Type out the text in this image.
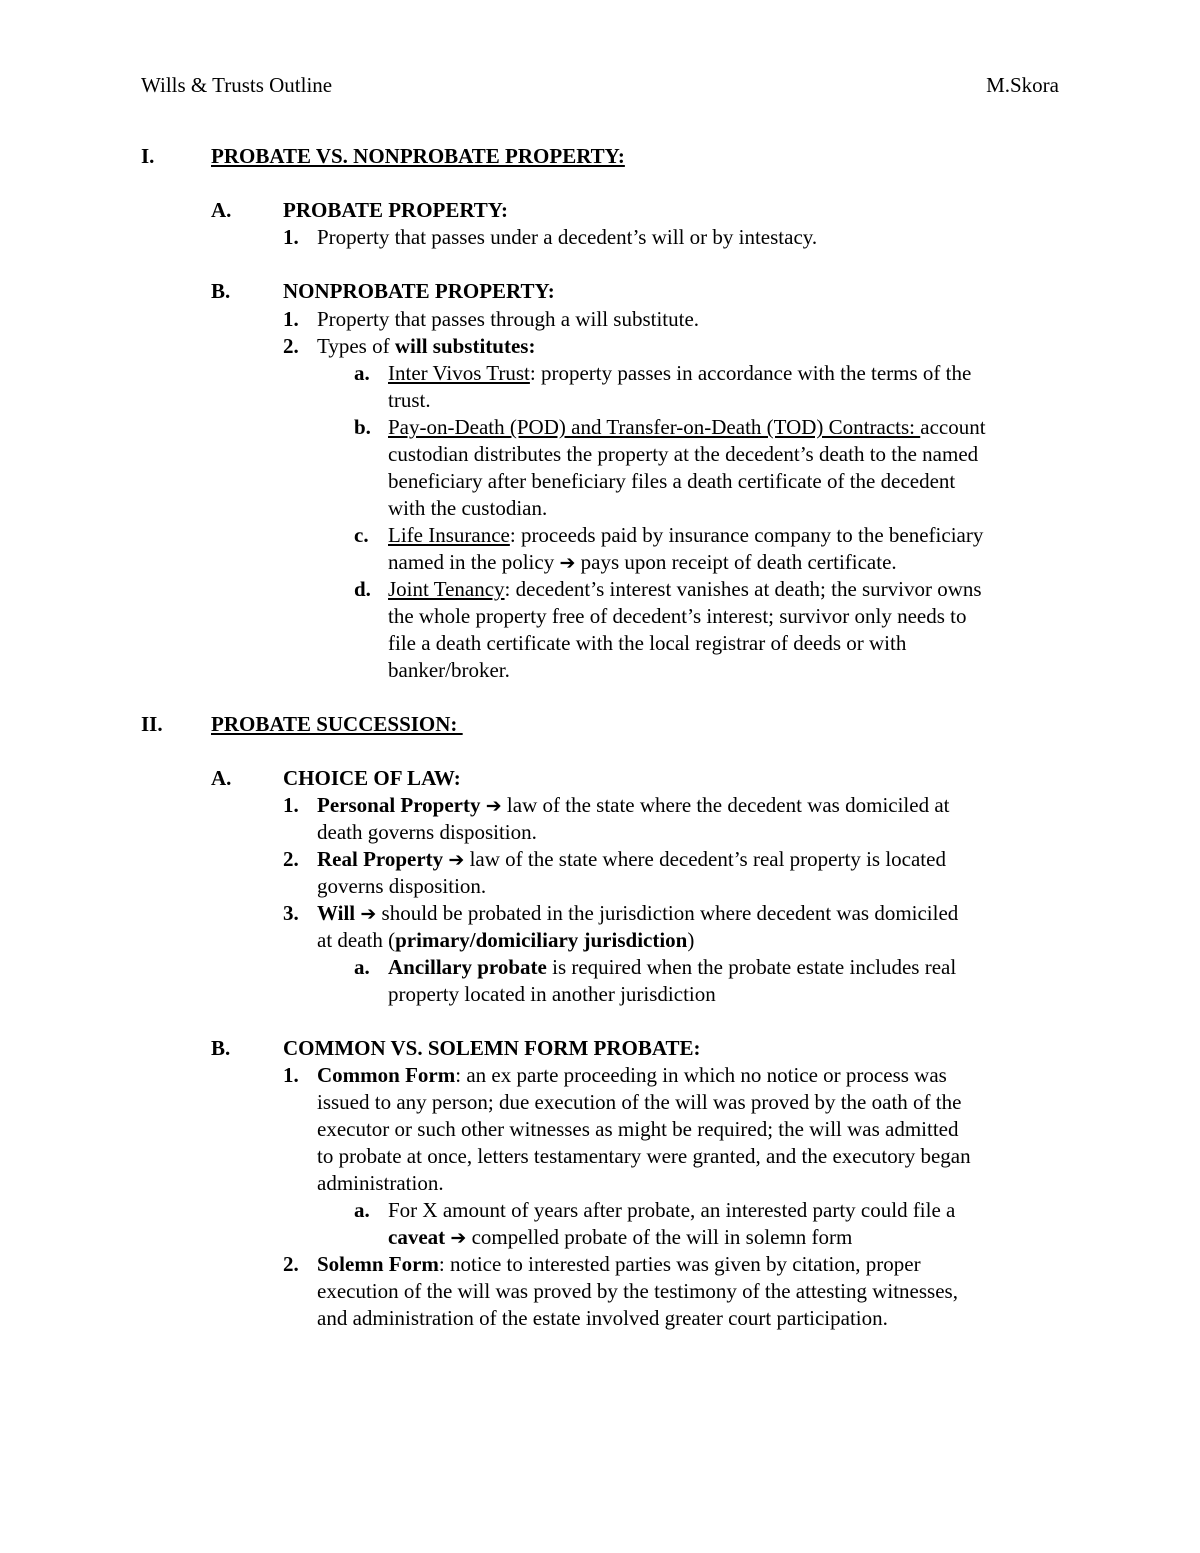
Wills & Trusts Outline	M.Skora
I.	PROBATE VS. NONPROBATE PROPERTY:
A. PROBATE PROPERTY:
1. Property that passes under a decedent’s will or by intestacy.
B.	NONPROBATE PROPERTY:
1. Property that passes through a will substitute.
2. Types of will substitutes:
a. Inter Vivos Trust: property passes in accordance with the terms of the
trust.
b. Pay-on-Death (POD) and Transfer-on-Death (TOD) Contracts: account
custodian distributes the property at the decedent’s death to the named
beneficiary after beneficiary files a death certificate of the decedent
with the custodian.
c. Life Insurance: proceeds paid by insurance company to the beneficiary
named in the policy ➔ pays upon receipt of death certificate.
d. Joint Tenancy: decedent’s interest vanishes at death; the survivor owns
the whole property free of decedent’s interest; survivor only needs to
file a death certificate with the local registrar of deeds or with
banker/broker.
II. PROBATE SUCCESSION:
A. CHOICE OF LAW:
1. Personal Property ➔ law of the state where the decedent was domiciled at
death governs disposition.
2. Real Property ➔ law of the state where decedent’s real property is located
governs disposition.
3. Will ➔ should be probated in the jurisdiction where decedent was domiciled
at death (primary/domiciliary jurisdiction)
a. Ancillary probate is required when the probate estate includes real
property located in another jurisdiction
B.	COMMON VS. SOLEMN FORM PROBATE:
1. Common Form: an ex parte proceeding in which no notice or process was
issued to any person; due execution of the will was proved by the oath of the
executor or such other witnesses as might be required; the will was admitted
to probate at once, letters testamentary were granted, and the executory began
administration.
a. For X amount of years after probate, an interested party could file a
caveat ➔ compelled probate of the will in solemn form
2. Solemn Form: notice to interested parties was given by citation, proper
execution of the will was proved by the testimony of the attesting witnesses,
and administration of the estate involved greater court participation.
